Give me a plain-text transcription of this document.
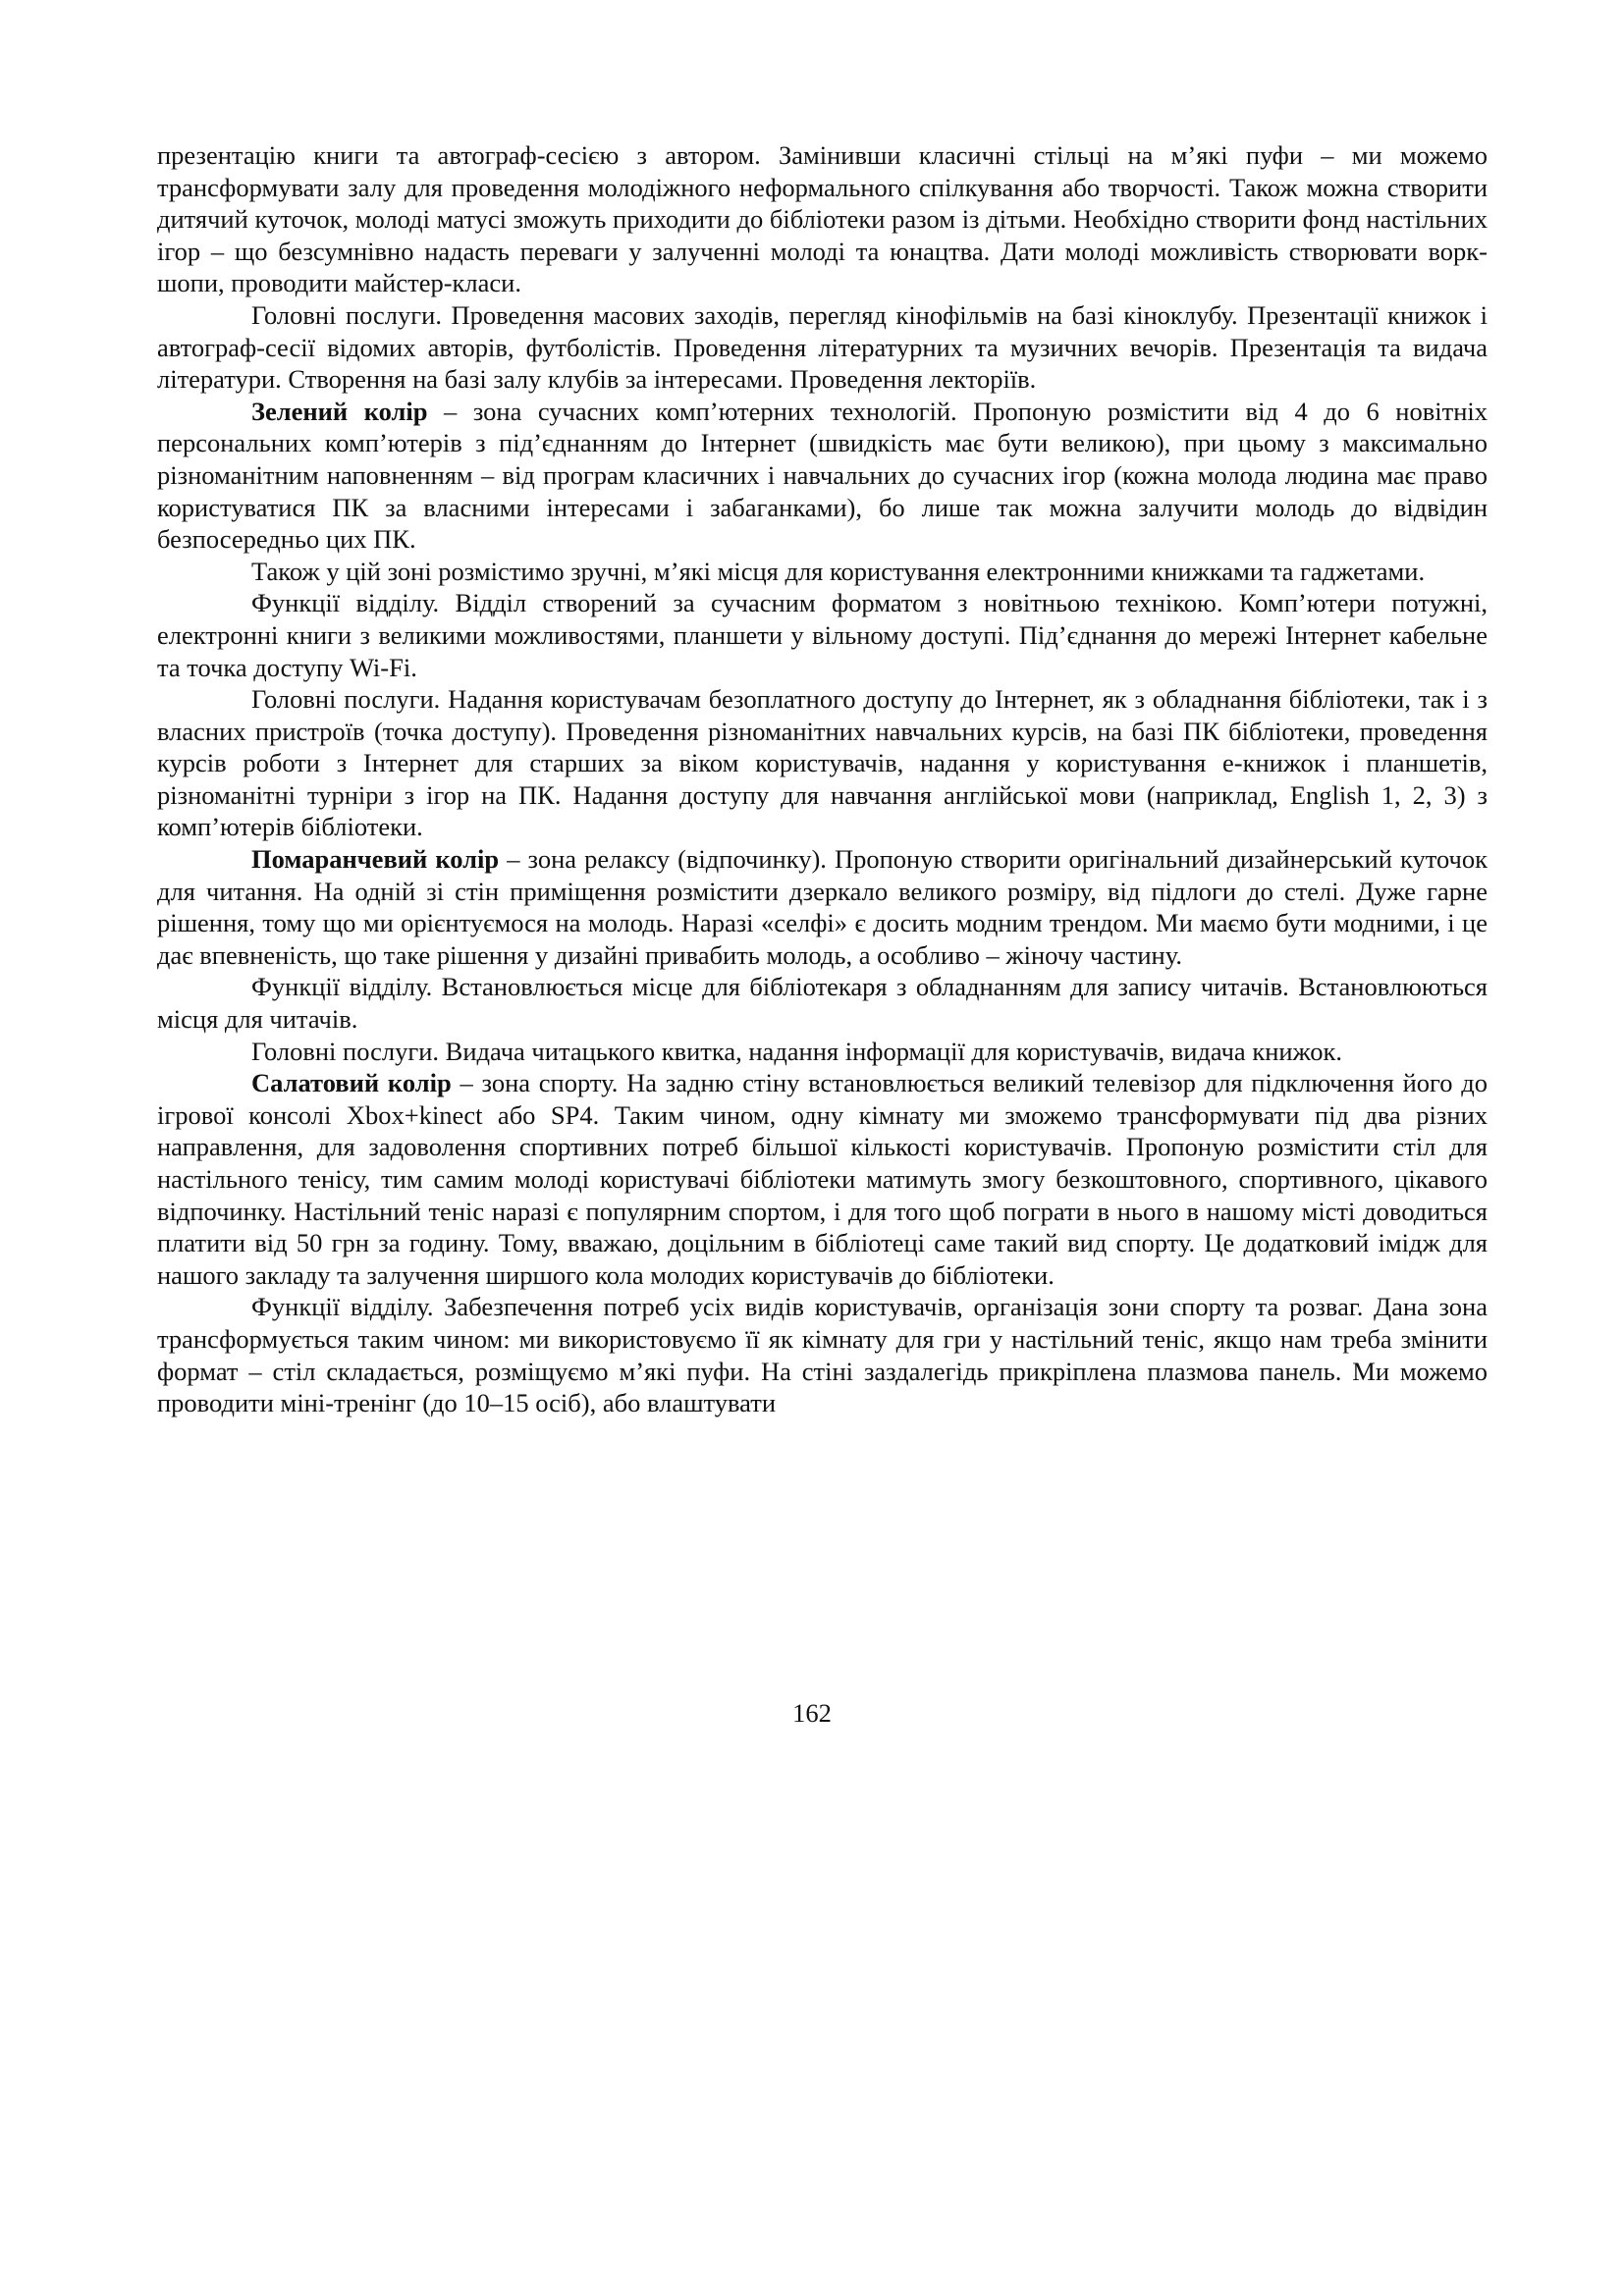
презентацію книги та автограф-сесією з автором. Замінивши класичні стільці на м’які пуфи – ми можемо трансформувати залу для проведення молодіжного неформального спілкування або творчості. Також можна створити дитячий куточок, молоді матусі зможуть приходити до бібліотеки разом із дітьми. Необхідно створити фонд настільних ігор – що безсумнівно надасть переваги у залученні молоді та юнацтва. Дати молоді можливість створювати ворк-шопи, проводити майстер-класи.

Головні послуги. Проведення масових заходів, перегляд кінофільмів на базі кіноклубу. Презентації книжок і автограф-сесії відомих авторів, футболістів. Проведення літературних та музичних вечорів. Презентація та видача літератури. Створення на базі залу клубів за інтересами. Проведення лекторіїв.

Зелений колір – зона сучасних комп’ютерних технологій. Пропоную розмістити від 4 до 6 новітніх персональних комп’ютерів з під’єднанням до Інтернет (швидкість має бути великою), при цьому з максимально різноманітним наповненням – від програм класичних і навчальних до сучасних ігор (кожна молода людина має право користуватися ПК за власними інтересами і забаганками), бо лише так можна залучити молодь до відвідин безпосередньо цих ПК.

Також у цій зоні розмістимо зручні, м’які місця для користування електронними книжками та гаджетами.

Функції відділу. Відділ створений за сучасним форматом з новітньою технікою. Комп’ютери потужні, електронні книги з великими можливостями, планшети у вільному доступі. Під’єднання до мережі Інтернет кабельне та точка доступу Wi-Fi.

Головні послуги. Надання користувачам безоплатного доступу до Інтернет, як з обладнання бібліотеки, так і з власних пристроїв (точка доступу). Проведення різноманітних навчальних курсів, на базі ПК бібліотеки, проведення курсів роботи з Інтернет для старших за віком користувачів, надання у користування е-книжок і планшетів, різноманітні турніри з ігор на ПК. Надання доступу для навчання англійської мови (наприклад, English 1, 2, 3) з комп’ютерів бібліотеки.

Помаранчевий колір – зона релаксу (відпочинку). Пропоную створити оригінальний дизайнерський куточок для читання. На одній зі стін приміщення розмістити дзеркало великого розміру, від підлоги до стелі. Дуже гарне рішення, тому що ми орієнтуємося на молодь. Наразі «селфі» є досить модним трендом. Ми маємо бути модними, і це дає впевненість, що таке рішення у дизайні привабить молодь, а особливо – жіночу частину.

Функції відділу. Встановлюється місце для бібліотекаря з обладнанням для запису читачів. Встановлюються місця для читачів.

Головні послуги. Видача читацького квитка, надання інформації для користувачів, видача книжок.

Салатовий колір – зона спорту. На задню стіну встановлюється великий телевізор для підключення його до ігрової консолі Xbox+kinect або SP4. Таким чином, одну кімнату ми зможемо трансформувати під два різних направлення, для задоволення спортивних потреб більшої кількості користувачів. Пропоную розмістити стіл для настільного тенісу, тим самим молоді користувачі бібліотеки матимуть змогу безкоштовного, спортивного, цікавого відпочинку. Настільний теніс наразі є популярним спортом, і для того щоб пограти в нього в нашому місті доводиться платити від 50 грн за годину. Тому, вважаю, доцільним в бібліотеці саме такий вид спорту. Це додатковий імідж для нашого закладу та залучення ширшого кола молодих користувачів до бібліотеки.

Функції відділу. Забезпечення потреб усіх видів користувачів, організація зони спорту та розваг. Дана зона трансформується таким чином: ми використовуємо її як кімнату для гри у настільний теніс, якщо нам треба змінити формат – стіл складається, розміщуємо м’які пуфи. На стіні заздалегідь прикріплена плазмова панель. Ми можемо проводити міні-тренінг (до 10–15 осіб), або влаштувати

162
